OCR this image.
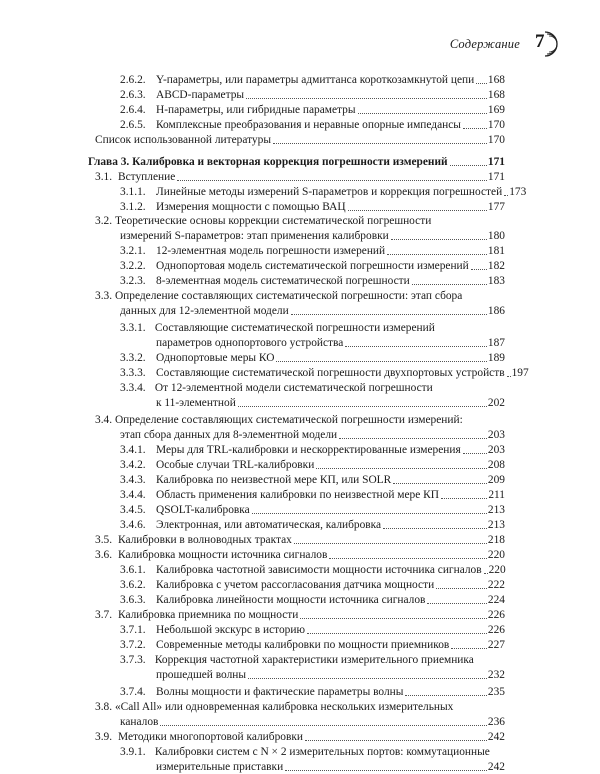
Содержание 7
2.6.2. Y-параметры, или параметры адмиттанса короткозамкнутой цепи 168
2.6.3. ABCD-параметры	168
2.6.4. H-параметры, или гибридные параметры	169
2.6.5. Комплексные преобразования и неравные опорные импедансы 170
Список использованной литературы	170
Глава 3. Калибровка и векторная коррекция погрешности измерений	171
3.1. Вступление	171
3.1.1. Линейные методы измерений S-параметров и коррекция погрешностей 173
3.1.2. Измерения мощности с помощью ВАЦ	177
3.2. Теоретические основы коррекции систематической погрешности
измерений S-параметров: этап применения калибровки	180
3.2.1. 12-элементная модель погрешности измерений	181
3.2.2. Однопортовая модель систематической погрешности измерений 182
3.2.3. 8-элементная модель систематической погрешности	183
3.3. Определение составляющих систематической погрешности: этап сбора
данных для 12-элементной модели	186
3.3.1. Составляющие систематической погрешности измерений
параметров однопортового устройства	187
3.3.2. Однопортовые меры КО	189
3.3.3. Составляющие систематической погрешности двухпортовых устройств 197
3.3.4. От 12-элементной модели систематической погрешности
к 11-элементной	202
3.4. Определение составляющих систематической погрешности измерений:
этап сбора данных для 8-элементной модели	203
3.4.1. Меры для TRL-калибровки и нескорректированные измерения 203
3.4.2. Особые случаи TRL-калибровки	208
3.4.3. Калибровка по неизвестной мере КП, или SOLR	209
3.4.4. Область применения калибровки по неизвестной мере КП	211
3.4.5. QSOLT-калибровка	213
3.4.6. Электронная, или автоматическая, калибровка	213
3.5. Калибровки в волноводных трактах	218
3.6. Калибровка мощности источника сигналов	220
3.6.1. Калибровка частотной зависимости мощности источника сигналов 220
3.6.2. Калибровка с учетом рассогласования датчика мощности	222
3.6.3. Калибровка линейности мощности источника сигналов	224
3.7. Калибровка приемника по мощности	226
3.7.1. Небольшой экскурс в историю	226
3.7.2. Современные методы калибровки по мощности приемников	227
3.7.3. Коррекция частотной характеристики измерительного приемника
прошедшей волны	232
3.7.4. Волны мощности и фактические параметры волны	235
3.8. «Call All» или одновременная калибровка нескольких измерительных
каналов	236
3.9. Методики многопортовой калибровки	242
3.9.1. Калибровки систем с N × 2 измерительных портов: коммутационные
измерительные приставки	242
